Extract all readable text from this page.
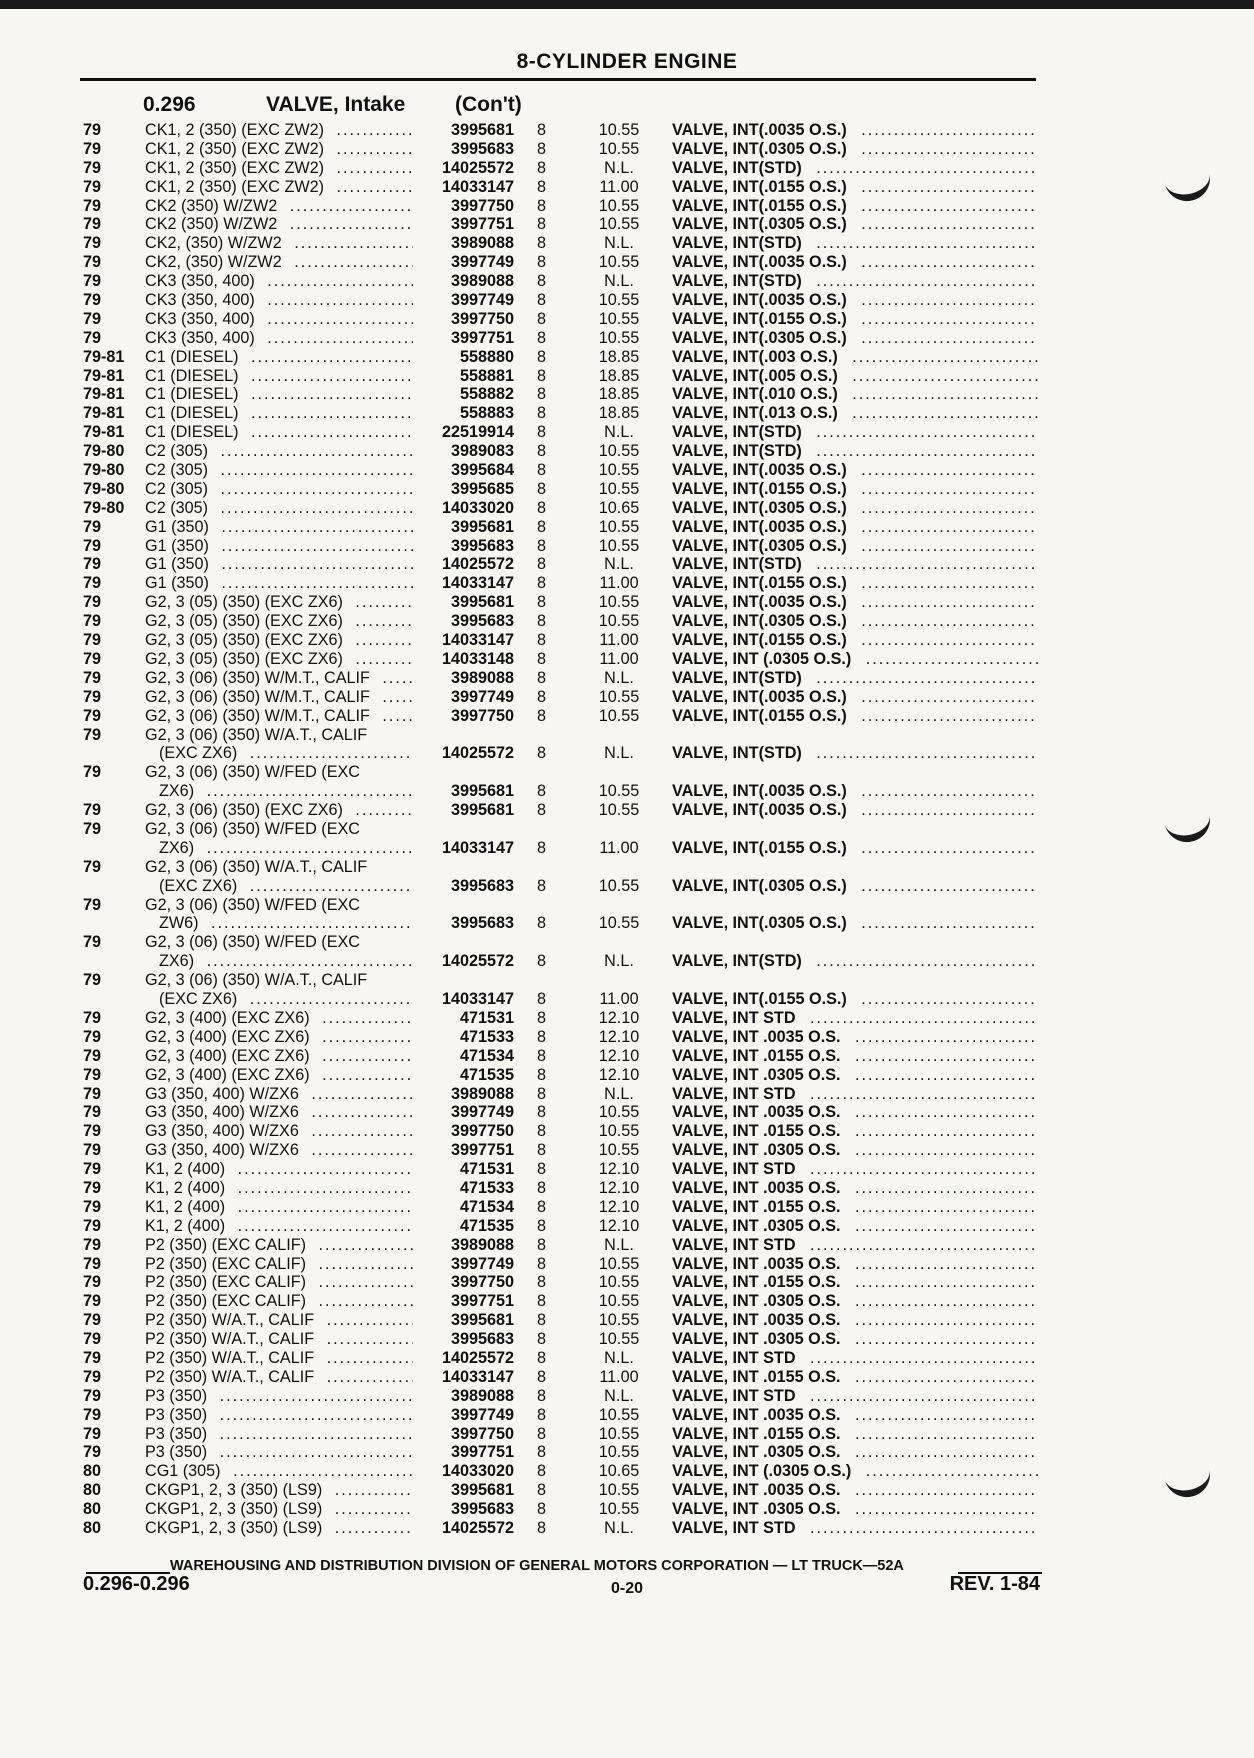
8-CYLINDER ENGINE
0.296	VALVE, Intake (Con't)
79	CK1, 2 (350) (EXC ZW2) .....	3995681 8	10.55	VALVE, INT(.0035 O.S.) .....
79	CK1, 2 (350) (EXC ZW2) .....	3995683 8	10.55	VALVE, INT(.0305 O.S.) .....
79	CK1, 2 (350) (EXC ZW2) .....	14025572 8	N.L.	VALVE, INT(STD) .....
79	CK1, 2 (350) (EXC ZW2) .....	14033147 8	11.00	VALVE, INT(.0155 O.S.) .....
79	CK2 (350) W/ZW2 .....	3997750 8	10.55	VALVE, INT(.0155 O.S.) .....
79	CK2 (350) W/ZW2 .....	3997751 8	10.55	VALVE, INT(.0305 O.S.) .....
79	CK2, (350) W/ZW2 .....	3989088 8	N.L.	VALVE, INT(STD) .....
79	CK2, (350) W/ZW2 .....	3997749 8	10.55	VALVE, INT(.0035 O.S.) .....
79	CK3 (350, 400) .....	3989088 8	N.L.	VALVE, INT(STD) .....
79	CK3 (350, 400) .....	3997749 8	10.55	VALVE, INT(.0035 O.S.) .....
79	CK3 (350, 400) .....	3997750 8	10.55	VALVE, INT(.0155 O.S.) .....
79	CK3 (350, 400) .....	3997751 8	10.55	VALVE, INT(.0305 O.S.) .....
79-81 C1 (DIESEL) .....	558880 8	18.85	VALVE, INT(.003 O.S.) .....
79-81 C1 (DIESEL) .....	558881 8	18.85	VALVE, INT(.005 O.S.) .....
79-81 C1 (DIESEL) .....	558882 8	18.85	VALVE, INT(.010 O.S.) .....
79-81 C1 (DIESEL) .....	558883 8	18.85	VALVE, INT(.013 O.S.) .....
79-81 C1 (DIESEL) .....	22519914 8	N.L.	VALVE, INT(STD) .....
79-80 C2 (305) .....	3989083 8	10.55	VALVE, INT(STD) .....
79-80 C2 (305) .....	3995684 8	10.55	VALVE, INT(.0035 O.S.) .....
79-80 C2 (305) .....	3995685 8	10.55	VALVE, INT(.0155 O.S.) .....
79-80 C2 (305) .....	14033020 8	10.65	VALVE, INT(.0305 O.S.) .....
79	G1 (350) .....	3995681 8	10.55	VALVE, INT(.0035 O.S.) .....
79	G1 (350) .....	3995683 8	10.55	VALVE, INT(.0305 O.S.) .....
79	G1 (350) .....	14025572 8	N.L.	VALVE, INT(STD) .....
79	G1 (350) .....	14033147 8	11.00	VALVE, INT(.0155 O.S.) .....
79	G2, 3 (05) (350) (EXC ZX6) .....	3995681 8	10.55	VALVE, INT(.0035 O.S.) .....
79	G2, 3 (05) (350) (EXC ZX6) .....	3995683 8	10.55	VALVE, INT(.0305 O.S.) .....
79	G2, 3 (05) (350) (EXC ZX6) .....	14033147 8	11.00	VALVE, INT(.0155 O.S.) .....
79	G2, 3 (05) (350) (EXC ZX6) .....	14033148 8	11.00	VALVE, INT (.0305 O.S.) .....
79	G2, 3 (06) (350) W/M.T., CALIF .....	3989088 8	N.L.	VALVE, INT(STD) .....
79	G2, 3 (06) (350) W/M.T., CALIF .....	3997749 8	10.55	VALVE, INT(.0035 O.S.) .....
79	G2, 3 (06) (350) W/M.T., CALIF .....	3997750 8	10.55	VALVE, INT(.0155 O.S.) .....
79	G2, 3 (06) (350) W/A.T., CALIF
(EXC ZX6) .....	14025572 8	N.L.	VALVE, INT(STD) .....
79	G2, 3 (06) (350) W/FED (EXC
ZX6) .....	3995681 8	10.55	VALVE, INT(.0035 O.S.) .....
79	G2, 3 (06) (350) (EXC ZX6) .....	3995681 8	10.55	VALVE, INT(.0035 O.S.) .....
79	G2, 3 (06) (350) W/FED (EXC
ZX6) .....	14033147 8	11.00	VALVE, INT(.0155 O.S.) .....
79	G2, 3 (06) (350) W/A.T., CALIF
(EXC ZX6) .....	3995683 8	10.55	VALVE, INT(.0305 O.S.) .....
79	G2, 3 (06) (350) W/FED (EXC
ZW6) .....	3995683 8	10.55	VALVE, INT(.0305 O.S.) .....
79	G2, 3 (06) (350) W/FED (EXC
ZX6) .....	14025572 8	N.L.	VALVE, INT(STD) .....
79	G2, 3 (06) (350) W/A.T., CALIF
(EXC ZX6) .....	14033147 8	11.00	VALVE, INT(.0155 O.S.) .....
79	G2, 3 (400) (EXC ZX6) .....	471531 8	12.10	VALVE, INT STD .....
79	G2, 3 (400) (EXC ZX6) .....	471533 8	12.10	VALVE, INT .0035 O.S. .....
79	G2, 3 (400) (EXC ZX6) .....	471534 8	12.10	VALVE, INT .0155 O.S. .....
79	G2, 3 (400) (EXC ZX6) .....	471535 8	12.10	VALVE, INT .0305 O.S. .....
79	G3 (350, 400) W/ZX6 .....	3989088 8	N.L.	VALVE, INT STD .....
79	G3 (350, 400) W/ZX6 .....	3997749 8	10.55	VALVE, INT .0035 O.S. .....
79	G3 (350, 400) W/ZX6 .....	3997750 8	10.55	VALVE, INT .0155 O.S. .....
79	G3 (350, 400) W/ZX6 .....	3997751 8	10.55	VALVE, INT .0305 O.S. .....
79	K1, 2 (400) .....	471531 8	12.10	VALVE, INT STD .....
79	K1, 2 (400) .....	471533 8	12.10	VALVE, INT .0035 O.S. .....
79	K1, 2 (400) .....	471534 8	12.10	VALVE, INT .0155 O.S. .....
79	K1, 2 (400) .....	471535 8	12.10	VALVE, INT .0305 O.S. .....
79	P2 (350) (EXC CALIF) .....	3989088 8	N.L.	VALVE, INT STD .....
79	P2 (350) (EXC CALIF) .....	3997749 8	10.55	VALVE, INT .0035 O.S. .....
79	P2 (350) (EXC CALIF) .....	3997750 8	10.55	VALVE, INT .0155 O.S. .....
79	P2 (350) (EXC CALIF) .....	3997751 8	10.55	VALVE, INT .0305 O.S. .....
79	P2 (350) W/A.T., CALIF .....	3995681 8	10.55	VALVE, INT .0035 O.S. .....
79	P2 (350) W/A.T., CALIF .....	3995683 8	10.55	VALVE, INT .0305 O.S. .....
79	P2 (350) W/A.T., CALIF .....	14025572 8	N.L.	VALVE, INT STD .....
79	P2 (350) W/A.T., CALIF .....	14033147 8	11.00	VALVE, INT .0155 O.S. .....
79	P3 (350) .....	3989088 8	N.L.	VALVE, INT STD .....
79	P3 (350) .....	3997749 8	10.55	VALVE, INT .0035 O.S. .....
79	P3 (350) .....	3997750 8	10.55	VALVE, INT .0155 O.S. .....
79	P3 (350) .....	3997751 8	10.55	VALVE, INT .0305 O.S. .....
80	CG1 (305) .....	14033020 8	10.65	VALVE, INT (.0305 O.S.) .....
80	CKGP1, 2, 3 (350) (LS9) .....	3995681 8	10.55	VALVE, INT .0035 O.S. .....
80	CKGP1, 2, 3 (350) (LS9) .....	3995683 8	10.55	VALVE, INT .0305 O.S. .....
80	CKGP1, 2, 3 (350) (LS9) .....	14025572 8	N.L.	VALVE, INT STD .....
WAREHOUSING AND DISTRIBUTION DIVISION OF GENERAL MOTORS CORPORATION — LT TRUCK—52A
0.296-0.296	0-20	REV. 1-84
